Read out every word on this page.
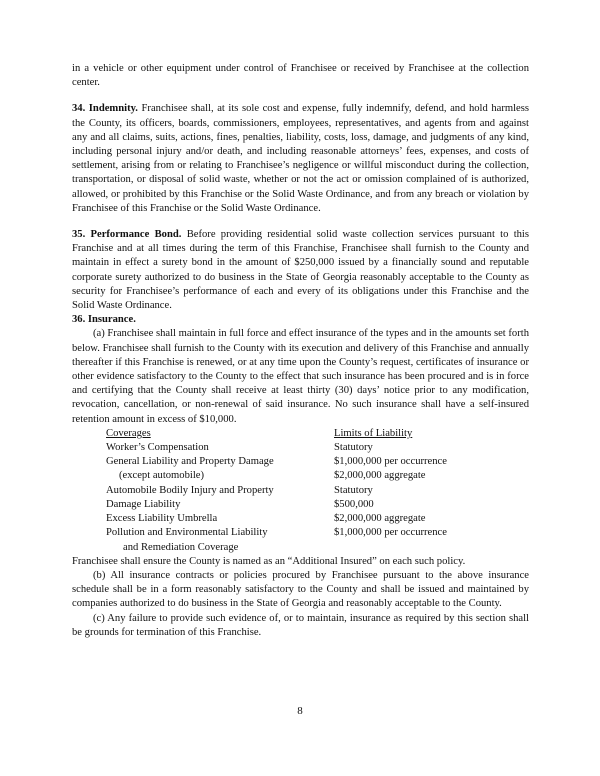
in a vehicle or other equipment under control of Franchisee or received by Franchisee at the collection center.

34. Indemnity. Franchisee shall, at its sole cost and expense, fully indemnify, defend, and hold harmless the County, its officers, boards, commissioners, employees, representatives, and agents from and against any and all claims, suits, actions, fines, penalties, liability, costs, loss, damage, and judgments of any kind, including personal injury and/or death, and including reasonable attorneys’ fees, expenses, and costs of settlement, arising from or relating to Franchisee’s negligence or willful misconduct during the collection, transportation, or disposal of solid waste, whether or not the act or omission complained of is authorized, allowed, or prohibited by this Franchise or the Solid Waste Ordinance, and from any breach or violation by Franchisee of this Franchise or the Solid Waste Ordinance.

35. Performance Bond. Before providing residential solid waste collection services pursuant to this Franchise and at all times during the term of this Franchise, Franchisee shall furnish to the County and maintain in effect a surety bond in the amount of $250,000 issued by a financially sound and reputable corporate surety authorized to do business in the State of Georgia reasonably acceptable to the County as security for Franchisee’s performance of each and every of its obligations under this Franchise and the Solid Waste Ordinance.

36. Insurance.

(a) Franchisee shall maintain in full force and effect insurance of the types and in the amounts set forth below. Franchisee shall furnish to the County with its execution and delivery of this Franchise and annually thereafter if this Franchise is renewed, or at any time upon the County’s request, certificates of insurance or other evidence satisfactory to the County to the effect that such insurance has been procured and is in force and certifying that the County shall receive at least thirty (30) days’ notice prior to any modification, revocation, cancellation, or non-renewal of said insurance. No such insurance shall have a self-insured retention amount in excess of $10,000.

Coverages	Limits of Liability
Worker’s Compensation	Statutory
General Liability and Property Damage	$1,000,000 per occurrence
(except automobile)	$2,000,000 aggregate
Automobile Bodily Injury and Property	Statutory
Damage Liability	$500,000
Excess Liability Umbrella	$2,000,000 aggregate
Pollution and Environmental Liability	$1,000,000 per occurrence
and Remediation Coverage	

Franchisee shall ensure the County is named as an “Additional Insured” on each such policy.

(b) All insurance contracts or policies procured by Franchisee pursuant to the above insurance schedule shall be in a form reasonably satisfactory to the County and shall be issued and maintained by companies authorized to do business in the State of Georgia and reasonably acceptable to the County.

(c) Any failure to provide such evidence of, or to maintain, insurance as required by this section shall be grounds for termination of this Franchise.

8
